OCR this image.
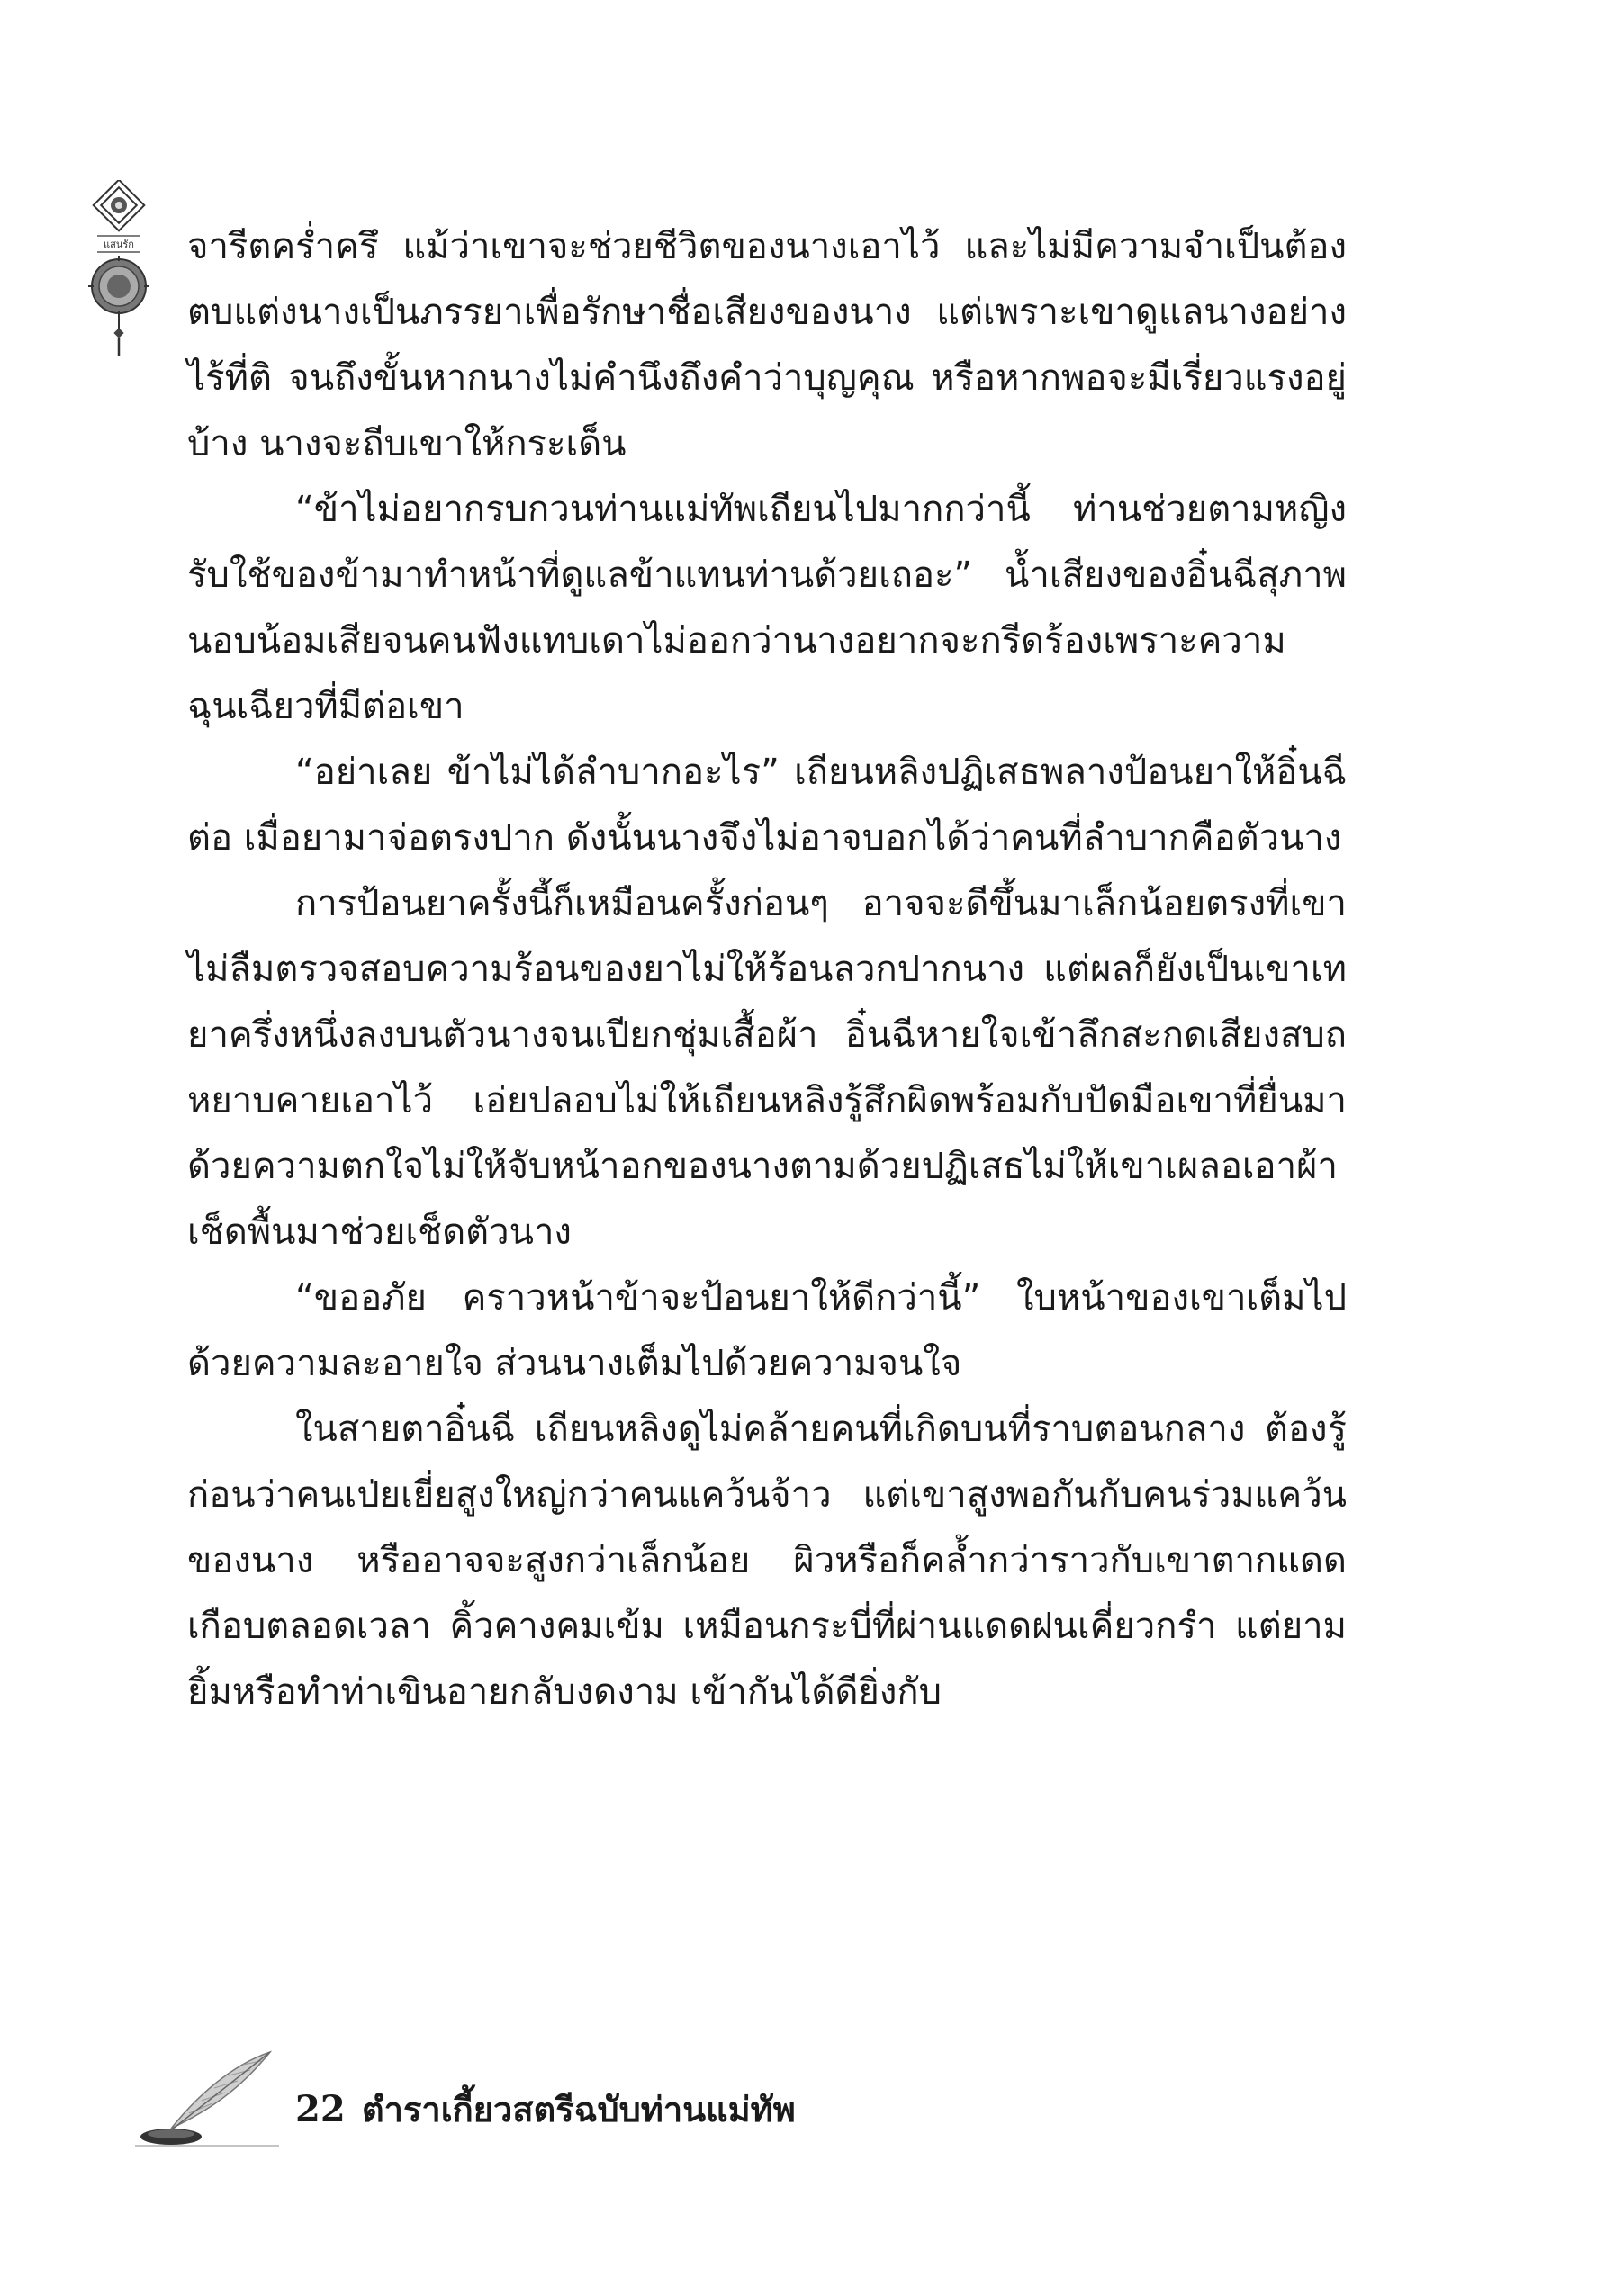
แสนรัก จารีตคร่ำครึ แม้ว่าเขาจะช่วยชีวิตของนางเอาไว้ และไม่มีความจำเป็นต้องตบแต่งนางเป็นภรรยาเพื่อรักษาชื่อเสียงของนาง แต่เพราะเขาดูแลนางอย่างไร้ที่ติ จนถึงขั้นหากนางไม่คำนึงถึงคำว่าบุญคุณ หรือหากพอจะมีเรี่ยวแรงอยู่บ้าง นางจะถีบเขาให้กระเด็น

“ข้าไม่อยากรบกวนท่านแม่ทัพเถียนไปมากกว่านี้ ท่านช่วยตามหญิงรับใช้ของข้ามาทำหน้าที่ดูแลข้าแทนท่านด้วยเถอะ” น้ำเสียงของอิ๋นฉีสุภาพนอบน้อมเสียจนคนฟังแทบเดาไม่ออกว่านางอยากจะกรีดร้องเพราะความฉุนเฉียวที่มีต่อเขา

“อย่าเลย ข้าไม่ได้ลำบากอะไร” เถียนหลิงปฏิเสธพลางป้อนยาให้อิ๋นฉีต่อ เมื่อยามาจ่อตรงปาก ดังนั้นนางจึงไม่อาจบอกได้ว่าคนที่ลำบากคือตัวนาง

การป้อนยาครั้งนี้ก็เหมือนครั้งก่อนๆ อาจจะดีขึ้นมาเล็กน้อยตรงที่เขาไม่ลืมตรวจสอบความร้อนของยาไม่ให้ร้อนลวกปากนาง แต่ผลก็ยังเป็นเขาเทยาครึ่งหนึ่งลงบนตัวนางจนเปียกชุ่มเสื้อผ้า อิ๋นฉีหายใจเข้าลึกสะกดเสียงสบถหยาบคายเอาไว้ เอ่ยปลอบไม่ให้เถียนหลิงรู้สึกผิดพร้อมกับปัดมือเขาที่ยื่นมาด้วยความตกใจไม่ให้จับหน้าอกของนางตามด้วยปฏิเสธไม่ให้เขาเผลอเอาผ้าเช็ดพื้นมาช่วยเช็ดตัวนาง

“ขออภัย คราวหน้าข้าจะป้อนยาให้ดีกว่านี้” ใบหน้าของเขาเต็มไปด้วยความละอายใจ ส่วนนางเต็มไปด้วยความจนใจ

ในสายตาอิ๋นฉี เถียนหลิงดูไม่คล้ายคนที่เกิดบนที่ราบตอนกลาง ต้องรู้ก่อนว่าคนเป่ยเยี่ยสูงใหญ่กว่าคนแคว้นจ้าว แต่เขาสูงพอกันกับคนร่วมแคว้นของนาง หรืออาจจะสูงกว่าเล็กน้อย ผิวหรือก็คล้ำกว่าราวกับเขาตากแดดเกือบตลอดเวลา คิ้วคางคมเข้ม เหมือนกระบี่ที่ผ่านแดดฝนเคี่ยวกรำ แต่ยามยิ้มหรือทำท่าเขินอายกลับงดงาม เข้ากันได้ดียิ่งกับ

22 ตำราเกี้ยวสตรีฉบับท่านแม่ทัพ
